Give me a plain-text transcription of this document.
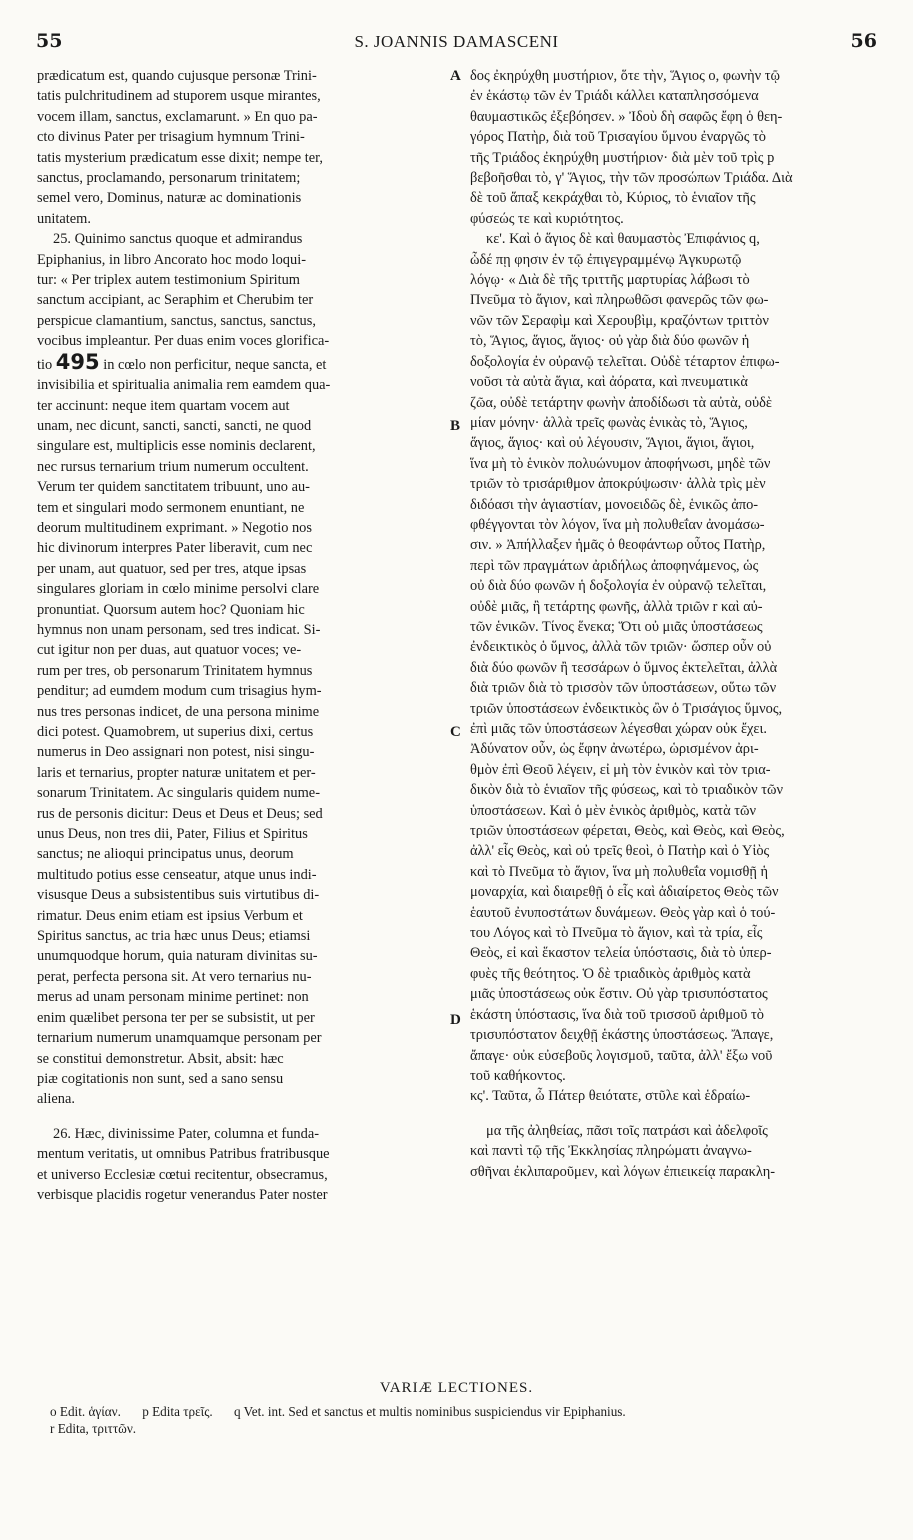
55	S. JOANNIS DAMASCENI	56

prædicatum est, quando cujusque personæ Trini-

tatis pulchritudinem ad stuporem usque mirantes,

vocem illam, sanctus, exclamarunt. » En quo pa-

cto divinus Pater per trisagium hymnum Trini-

tatis mysterium prædicatum esse dixit; nempe ter,

sanctus, proclamando, personarum trinitatem;

semel vero, Dominus, naturæ ac dominationis

unitatem.

25. Quinimo sanctus quoque et admirandus

Epiphanius, in libro Ancorato hoc modo loqui-

tur: « Per triplex autem testimonium Spiritum

sanctum accipiant, ac Seraphim et Cherubim ter

perspicue clamantium, sanctus, sanctus, sanctus,

vocibus impleantur. Per duas enim voces glorifica-

tio 495 in cœlo non perficitur, neque sancta, et

invisibilia et spiritualia animalia rem eamdem qua-

ter accinunt: neque item quartam vocem aut

unam, nec dicunt, sancti, sancti, sancti, ne quod

singulare est, multiplicis esse nominis declarent,

nec rursus ternarium trium numerum occultent.

Verum ter quidem sanctitatem tribuunt, uno au-

tem et singulari modo sermonem enuntiant, ne

deorum multitudinem exprimant. » Negotio nos

hic divinorum interpres Pater liberavit, cum nec

per unam, aut quatuor, sed per tres, atque ipsas

singulares gloriam in cœlo minime persolvi clare

pronuntiat. Quorsum autem hoc? Quoniam hic

hymnus non unam personam, sed tres indicat. Si-

cut igitur non per duas, aut quatuor voces; ve-

rum per tres, ob personarum Trinitatem hymnus

penditur; ad eumdem modum cum trisagius hym-

nus tres personas indicet, de una persona minime

dici potest. Quamobrem, ut superius dixi, certus

numerus in Deo assignari non potest, nisi singu-

laris et ternarius, propter naturæ unitatem et per-

sonarum Trinitatem. Ac singularis quidem nume-

rus de personis dicitur: Deus et Deus et Deus; sed

unus Deus, non tres dii, Pater, Filius et Spiritus

sanctus; ne alioqui principatus unus, deorum

multitudo potius esse censeatur, atque unus indi-

visusque Deus a subsistentibus suis virtutibus di-

rimatur. Deus enim etiam est ipsius Verbum et

Spiritus sanctus, ac tria hæc unus Deus; etiamsi

unumquodque horum, quia naturam divinitas su-

perat, perfecta persona sit. At vero ternarius nu-

merus ad unam personam minime pertinet: non

enim quælibet persona ter per se subsistit, ut per

ternarium numerum unamquamque personam per

se constitui demonstretur. Absit, absit: hæc

piæ cogitationis non sunt, sed a sano sensu

aliena.

26. Hæc, divinissime Pater, columna et funda-

mentum veritatis, ut omnibus Patribus fratribusque

et universo Ecclesiæ cœtui recitentur, obsecramus,

verbisque placidis rogetur venerandus Pater noster

δος ἐκηρύχθη μυστήριον, ὅτε τὴν, Ἅγιος ο, φωνὴν τῷ

ἐν ἑκάστῳ τῶν ἐν Τριάδι κάλλει καταπλησσόμενα

θαυμαστικῶς ἐξεβόησεν. » Ἰδοὺ δὴ σαφῶς ἔφη ὁ θεη-

γόρος Πατὴρ, διὰ τοῦ Τρισαγίου ὕμνου ἐναργῶς τὸ

τῆς Τριάδος ἐκηρύχθη μυστήριον· διὰ μὲν τοῦ τρὶς p

βεβοῆσθαι τὸ, γ' Ἅγιος, τὴν τῶν προσώπων Τριάδα. Διὰ

δὲ τοῦ ἅπαξ κεκράχθαι τὸ, Κύριος, τὸ ἑνιαῖον τῆς

φύσεώς τε καὶ κυριότητος.

κε'. Καὶ ὁ ἅγιος δὲ καὶ θαυμαστὸς Ἐπιφάνιος q,

ὧδέ πῃ φησιν ἐν τῷ ἐπιγεγραμμένῳ Ἀγκυρωτῷ

λόγῳ· « Διὰ δὲ τῆς τριττῆς μαρτυρίας λάβωσι τὸ

Πνεῦμα τὸ ἅγιον, καὶ πληρωθῶσι φανερῶς τῶν φω-

νῶν τῶν Σεραφὶμ καὶ Χερουβὶμ, κραζόντων τριττὸν

τὸ, Ἅγιος, ἅγιος, ἅγιος· οὐ γὰρ διὰ δύο φωνῶν ἡ

δοξολογία ἐν οὐρανῷ τελεῖται. Οὐδὲ τέταρτον ἐπιφω-

νοῦσι τὰ αὐτὰ ἅγια, καὶ ἀόρατα, καὶ πνευματικὰ

ζῶα, οὐδὲ τετάρτην φωνὴν ἀποδίδωσι τὰ αὐτὰ, οὐδὲ

μίαν μόνην· ἀλλὰ τρεῖς φωνὰς ἑνικὰς τὸ, Ἅγιος,

ἅγιος, ἅγιος· καὶ οὐ λέγουσιν, Ἅγιοι, ἅγιοι, ἅγιοι,

ἵνα μὴ τὸ ἑνικὸν πολυώνυμον ἀποφήνωσι, μηδὲ τῶν

τριῶν τὸ τρισάριθμον ἀποκρύψωσιν· ἀλλὰ τρὶς μὲν

διδόασι τὴν ἁγιαστίαν, μονοειδῶς δὲ, ἑνικῶς ἀπο-

φθέγγονται τὸν λόγον, ἵνα μὴ πολυθεΐαν ἀνομάσω-

σιν. » Ἀπήλλαξεν ἡμᾶς ὁ θεοφάντωρ οὗτος Πατὴρ,

περὶ τῶν πραγμάτων ἀριδήλως ἀποφηνάμενος, ὡς

οὐ διὰ δύο φωνῶν ἡ δοξολογία ἐν οὐρανῷ τελεῖται,

οὐδὲ μιᾶς, ἢ τετάρτης φωνῆς, ἀλλὰ τριῶν r καὶ αὐ-

τῶν ἑνικῶν. Τίνος ἕνεκα; Ὅτι οὐ μιᾶς ὑποστάσεως

ἐνδεικτικὸς ὁ ὕμνος, ἀλλὰ τῶν τριῶν· ὥσπερ οὖν οὐ

διὰ δύο φωνῶν ἢ τεσσάρων ὁ ὕμνος ἐκτελεῖται, ἀλλὰ

διὰ τριῶν διὰ τὸ τρισσὸν τῶν ὑποστάσεων, οὕτω τῶν

τριῶν ὑποστάσεων ἐνδεικτικὸς ὢν ὁ Τρισάγιος ὕμνος,

ἐπὶ μιᾶς τῶν ὑποστάσεων λέγεσθαι χώραν οὐκ ἔχει.

Ἀδύνατον οὖν, ὡς ἔφην ἀνωτέρω, ὡρισμένον ἀρι-

θμὸν ἐπὶ Θεοῦ λέγειν, εἰ μὴ τὸν ἑνικὸν καὶ τὸν τρια-

δικὸν διὰ τὸ ἑνιαῖον τῆς φύσεως, καὶ τὸ τριαδικὸν τῶν

ὑποστάσεων. Καὶ ὁ μὲν ἑνικὸς ἀριθμὸς, κατὰ τῶν

τριῶν ὑποστάσεων φέρεται, Θεὸς, καὶ Θεὸς, καὶ Θεὸς,

ἀλλ' εἷς Θεὸς, καὶ οὐ τρεῖς θεοὶ, ὁ Πατὴρ καὶ ὁ Υἱὸς

καὶ τὸ Πνεῦμα τὸ ἅγιον, ἵνα μὴ πολυθεΐα νομισθῇ ἡ

μοναρχία, καὶ διαιρεθῇ ὁ εἷς καὶ ἀδιαίρετος Θεὸς τῶν

ἑαυτοῦ ἐνυποστάτων δυνάμεων. Θεὸς γὰρ καὶ ὁ τού-

του Λόγος καὶ τὸ Πνεῦμα τὸ ἅγιον, καὶ τὰ τρία, εἷς

Θεὸς, εἰ καὶ ἕκαστον τελεία ὑπόστασις, διὰ τὸ ὑπερ-

φυὲς τῆς θεότητος. Ὁ δὲ τριαδικὸς ἀριθμὸς κατὰ

μιᾶς ὑποστάσεως οὐκ ἔστιν. Οὐ γὰρ τρισυπόστατος

ἑκάστη ὑπόστασις, ἵνα διὰ τοῦ τρισσοῦ ἀριθμοῦ τὸ

τρισυπόστατον δειχθῇ ἑκάστης ὑποστάσεως. Ἄπαγε,

ἄπαγε· οὐκ εὐσεβοῦς λογισμοῦ, ταῦτα, ἀλλ' ἔξω νοῦ

τοῦ καθήκοντος.

κς'. Ταῦτα, ὦ Πάτερ θειότατε, στῦλε καὶ ἑδραίω-

μα τῆς ἀληθείας, πᾶσι τοῖς πατράσι καὶ ἀδελφοῖς

καὶ παντὶ τῷ τῆς Ἐκκλησίας πληρώματι ἀναγνω-

σθῆναι ἐκλιπαροῦμεν, καὶ λόγων ἐπιεικείᾳ παρακλη-

A
B
C
D
VARIÆ LECTIONES.
o Edit. ἁγίαν. p Edita τρεῖς. q Vet. int. Sed et sanctus et multis nominibus suspiciendus vir Epiphanius.
r Edita, τριττῶν.
